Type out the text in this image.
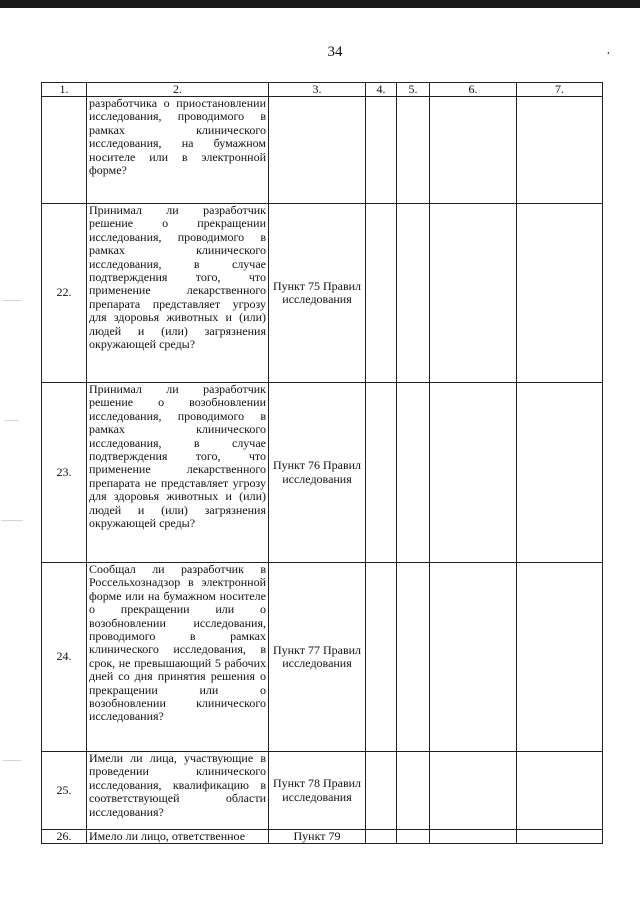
34	,
1.	2.	3.	4.	5.	6.	7.
	разработчика о приостановлении исследования, проводимого в рамках клинического исследования, на бумажном носителе или в электронной форме?					
22.	Принимал ли разработчик решение о прекращении исследования, проводимого в рамках клинического исследования, в случае подтверждения того, что применение лекарственного препарата представляет угрозу для здоровья животных и (или) людей и (или) загрязнения окружающей среды?	Пункт 75 Правил исследования				
23.	Принимал ли разработчик решение о возобновлении исследования, проводимого в рамках клинического исследования, в случае подтверждения того, что применение лекарственного препарата не представляет угрозу для здоровья животных и (или) людей и (или) загрязнения окружающей среды?	Пункт 76 Правил исследования				
24.	Сообщал ли разработчик в Россельхознадзор в электронной форме или на бумажном носителе о прекращении или о возобновлении исследования, проводимого в рамках клинического исследования, в срок, не превышающий 5 рабочих дней со дня принятия решения о прекращении или о возобновлении клинического исследования?	Пункт 77 Правил исследования				
25.	Имели ли лица, участвующие в проведении клинического исследования, квалификацию в соответствующей области исследования?	Пункт 78 Правил исследования				
26.	Имело ли лицо, ответственное	Пункт 79				
